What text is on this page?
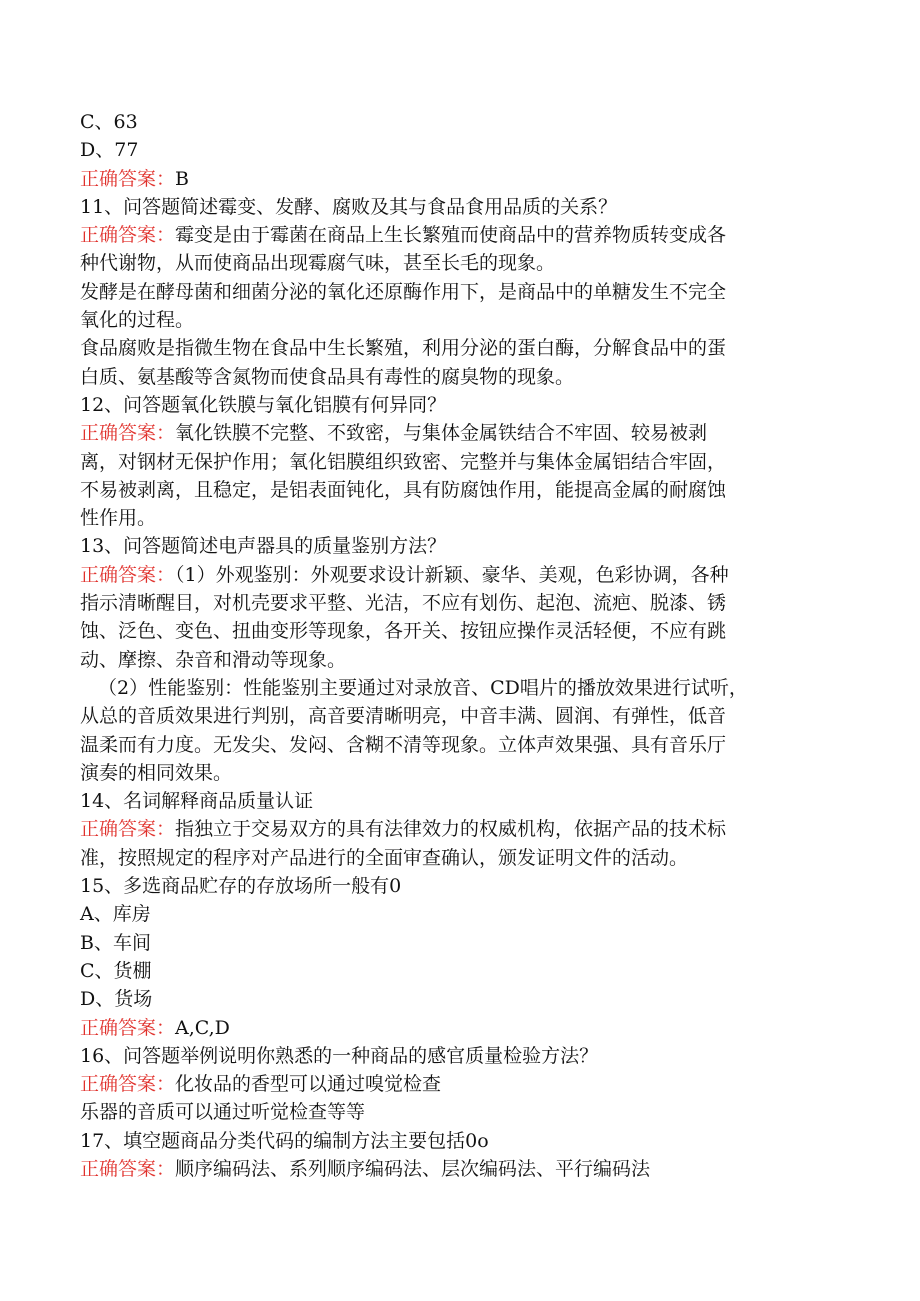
C、63
D、77
正确答案：B
11、问答题简述霉变、发酵、腐败及其与食品食用品质的关系？
正确答案：霉变是由于霉菌在商品上生长繁殖而使商品中的营养物质转变成各
种代谢物，从而使商品出现霉腐气味，甚至长毛的现象。
发酵是在酵母菌和细菌分泌的氧化还原酶作用下，是商品中的单糖发生不完全
氧化的过程。
食品腐败是指微生物在食品中生长繁殖，利用分泌的蛋白酶，分解食品中的蛋
白质、氨基酸等含氮物而使食品具有毒性的腐臭物的现象。
12、问答题氧化铁膜与氧化铝膜有何异同？
正确答案：氧化铁膜不完整、不致密，与集体金属铁结合不牢固、较易被剥
离，对钢材无保护作用；氧化铝膜组织致密、完整并与集体金属铝结合牢固，
不易被剥离，且稳定，是铝表面钝化，具有防腐蚀作用，能提高金属的耐腐蚀
性作用。
13、问答题简述电声器具的质量鉴别方法？
正确答案：（1）外观鉴别：外观要求设计新颖、豪华、美观，色彩协调，各种
指示清晰醒目，对机壳要求平整、光洁，不应有划伤、起泡、流疤、脱漆、锈
蚀、泛色、变色、扭曲变形等现象，各开关、按钮应操作灵活轻便，不应有跳
动、摩擦、杂音和滑动等现象。
（2）性能鉴别：性能鉴别主要通过对录放音、CD唱片的播放效果进行试听，
从总的音质效果进行判别，高音要清晰明亮，中音丰满、圆润、有弹性，低音
温柔而有力度。无发尖、发闷、含糊不清等现象。立体声效果强、具有音乐厅
演奏的相同效果。
14、名词解释商品质量认证
正确答案：指独立于交易双方的具有法律效力的权威机构，依据产品的技术标
准，按照规定的程序对产品进行的全面审查确认，颁发证明文件的活动。
15、多选商品贮存的存放场所一般有0
A、库房
B、车间
C、货棚
D、货场
正确答案：A,C,D
16、问答题举例说明你熟悉的一种商品的感官质量检验方法？
正确答案：化妆品的香型可以通过嗅觉检查
乐器的音质可以通过听觉检查等等
17、填空题商品分类代码的编制方法主要包括0o
正确答案：顺序编码法、系列顺序编码法、层次编码法、平行编码法
